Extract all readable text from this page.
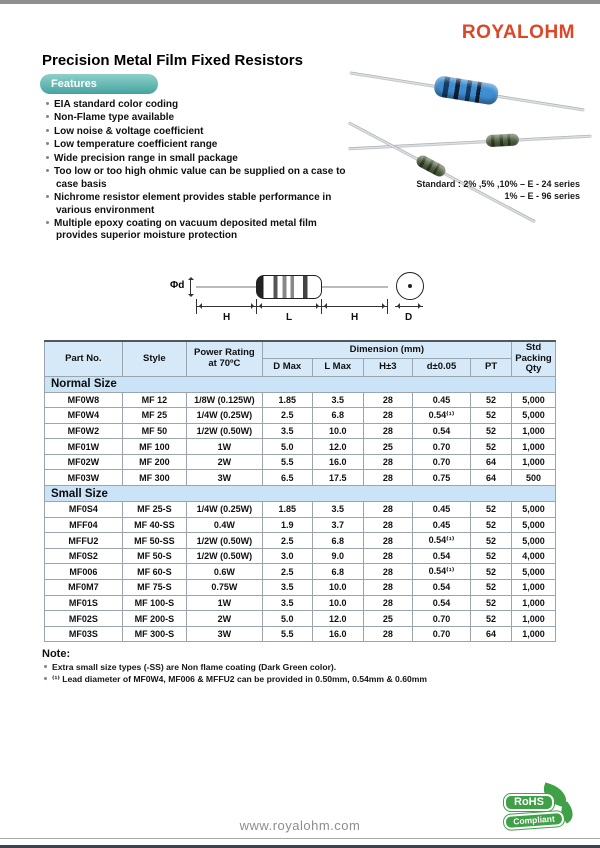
ROYALOHM
Precision Metal Film Fixed Resistors
Features
EIA standard color coding
Non-Flame type available
Low noise & voltage coefficient
Low temperature coefficient range
Wide precision range in small package
Too low or too high ohmic value can be supplied on a case to case basis
Nichrome resistor element provides stable performance in various environment
Multiple epoxy coating on vacuum deposited metal film provides superior moisture protection
Standard : 2% ,5% ,10% – E - 24 series
1% – E - 96 series
Φd
H	L	H	D
Part No.	Style	Power Rating at 70ºC	Dimension (mm)					Std Packing Qty
			D Max	L Max	H±3	d±0.05	PT	
Normal Size								
MF0W8	MF 12	1/8W (0.125W)	1.85	3.5	28	0.45	52	5,000
MF0W4	MF 25	1/4W (0.25W)	2.5	6.8	28	0.54⁽¹⁾	52	5,000
MF0W2	MF 50	1/2W (0.50W)	3.5	10.0	28	0.54	52	1,000
MF01W	MF 100	1W	5.0	12.0	25	0.70	52	1,000
MF02W	MF 200	2W	5.5	16.0	28	0.70	64	1,000
MF03W	MF 300	3W	6.5	17.5	28	0.75	64	500
Small Size								
MF0S4	MF 25-S	1/4W (0.25W)	1.85	3.5	28	0.45	52	5,000
MFF04	MF 40-SS	0.4W	1.9	3.7	28	0.45	52	5,000
MFFU2	MF 50-SS	1/2W (0.50W)	2.5	6.8	28	0.54⁽¹⁾	52	5,000
MF0S2	MF 50-S	1/2W (0.50W)	3.0	9.0	28	0.54	52	4,000
MF006	MF 60-S	0.6W	2.5	6.8	28	0.54⁽¹⁾	52	5,000
MF0M7	MF 75-S	0.75W	3.5	10.0	28	0.54	52	1,000
MF01S	MF 100-S	1W	3.5	10.0	28	0.54	52	1,000
MF02S	MF 200-S	2W	5.0	12.0	25	0.70	52	1,000
MF03S	MF 300-S	3W	5.5	16.0	28	0.70	64	1,000
Note:
Extra small size types (-SS) are Non flame coating (Dark Green color).
⁽¹⁾ Lead diameter of MF0W4, MF006 & MFFU2 can be provided in 0.50mm, 0.54mm & 0.60mm
www.royalohm.com
RoHS
Compliant
